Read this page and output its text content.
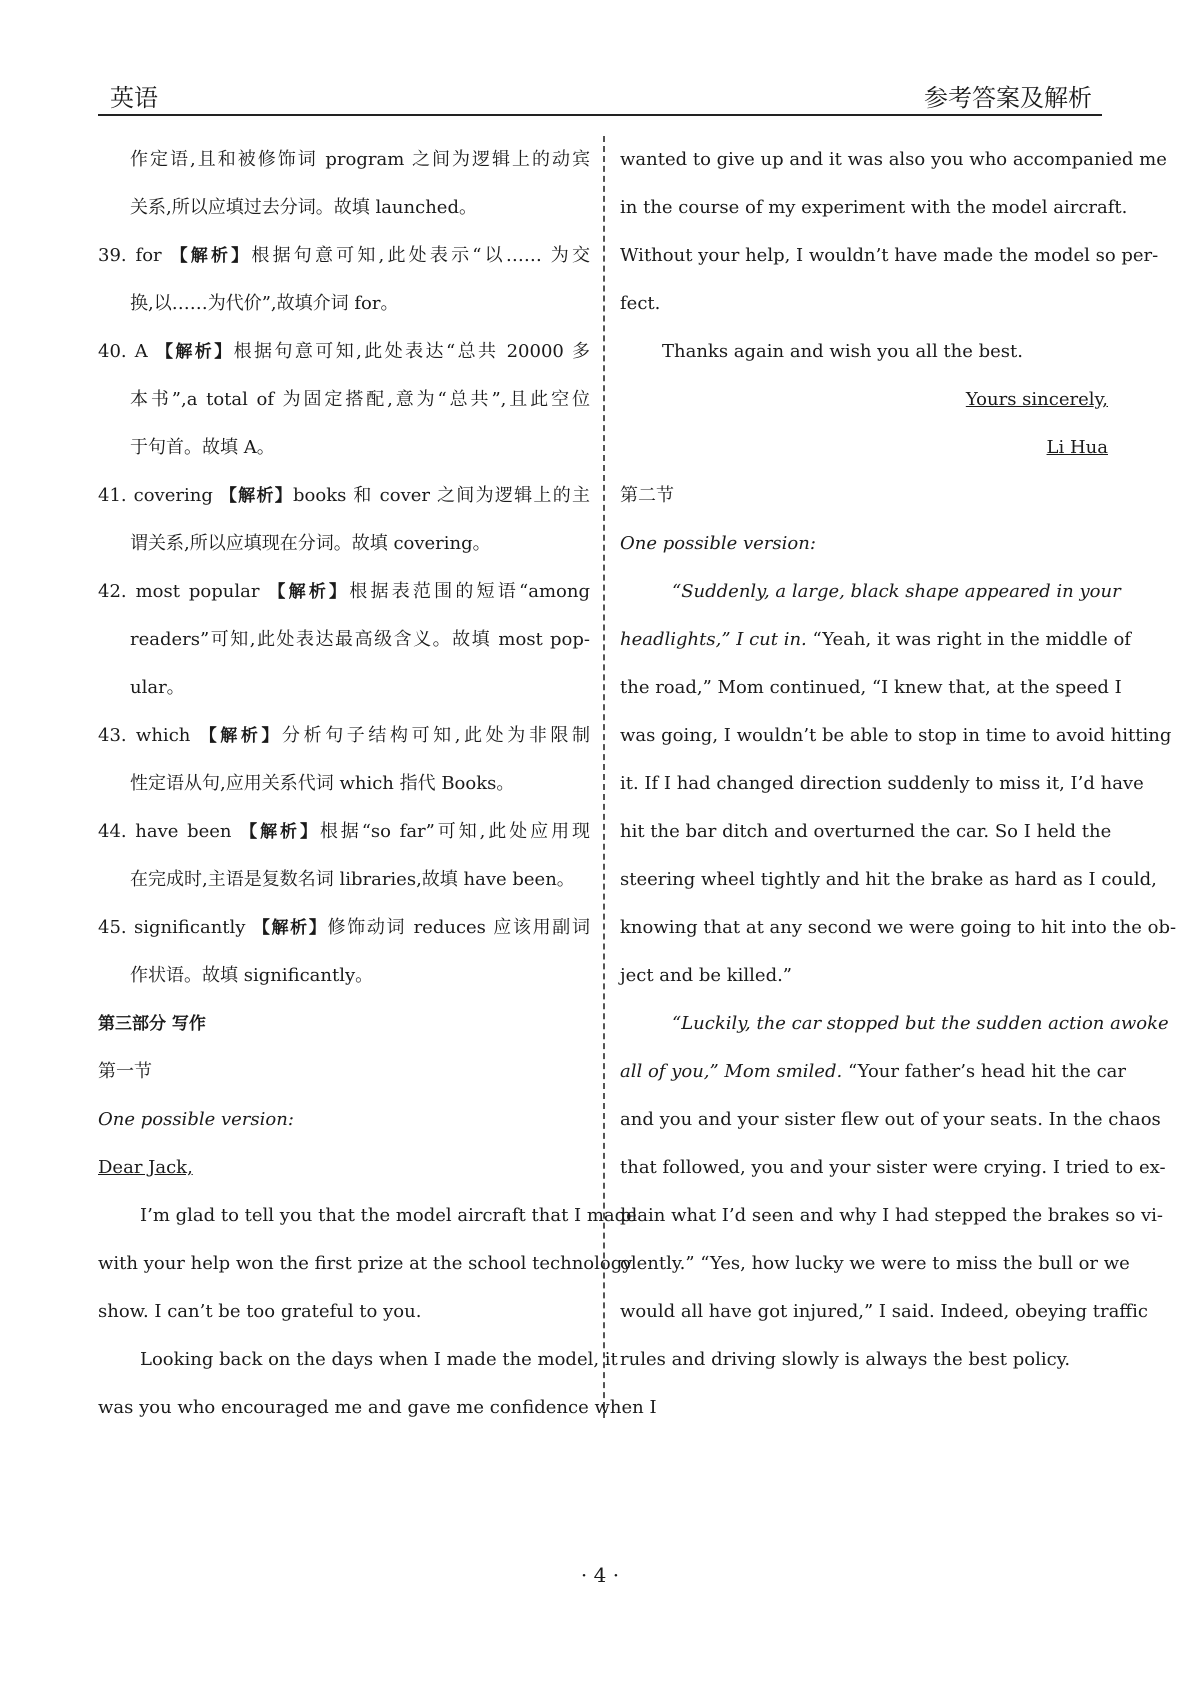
英语	参考答案及解析
作定语,且和被修饰词 program 之间为逻辑上的动宾
关系,所以应填过去分词。故填 launched。
39. for 【解析】根据句意可知,此处表示“以…… 为交
换,以……为代价”,故填介词 for。
40. A 【解析】根据句意可知,此处表达“总共 20000 多
本书”,a total of 为固定搭配,意为“总共”,且此空位
于句首。故填 A。
41. covering 【解析】books 和 cover 之间为逻辑上的主
谓关系,所以应填现在分词。故填 covering。
42. most popular 【解析】根据表范围的短语“among
readers”可知,此处表达最高级含义。故填 most pop-
ular。
43. which 【解析】分析句子结构可知,此处为非限制
性定语从句,应用关系代词 which 指代 Books。
44. have been 【解析】根据“so far”可知,此处应用现
在完成时,主语是复数名词 libraries,故填 have been。
45. significantly 【解析】修饰动词 reduces 应该用副词
作状语。故填 significantly。
第三部分 写作
第一节
One possible version:
Dear Jack,
I’m glad to tell you that the model aircraft that I made
with your help won the first prize at the school technology
show. I can’t be too grateful to you.
Looking back on the days when I made the model, it
was you who encouraged me and gave me confidence when I
wanted to give up and it was also you who accompanied me
in the course of my experiment with the model aircraft.
Without your help, I wouldn’t have made the model so per-
fect.
Thanks again and wish you all the best.
Yours sincerely,
Li Hua
第二节
One possible version:
“Suddenly, a large, black shape appeared in your
headlights,” I cut in. “Yeah, it was right in the middle of
the road,” Mom continued, “I knew that, at the speed I
was going, I wouldn’t be able to stop in time to avoid hitting
it. If I had changed direction suddenly to miss it, I’d have
hit the bar ditch and overturned the car. So I held the
steering wheel tightly and hit the brake as hard as I could,
knowing that at any second we were going to hit into the ob-
ject and be killed.”
“Luckily, the car stopped but the sudden action awoke
all of you,” Mom smiled. “Your father’s head hit the car
and you and your sister flew out of your seats. In the chaos
that followed, you and your sister were crying. I tried to ex-
plain what I’d seen and why I had stepped the brakes so vi-
olently.” “Yes, how lucky we were to miss the bull or we
would all have got injured,” I said. Indeed, obeying traffic
rules and driving slowly is always the best policy.
· 4 ·
